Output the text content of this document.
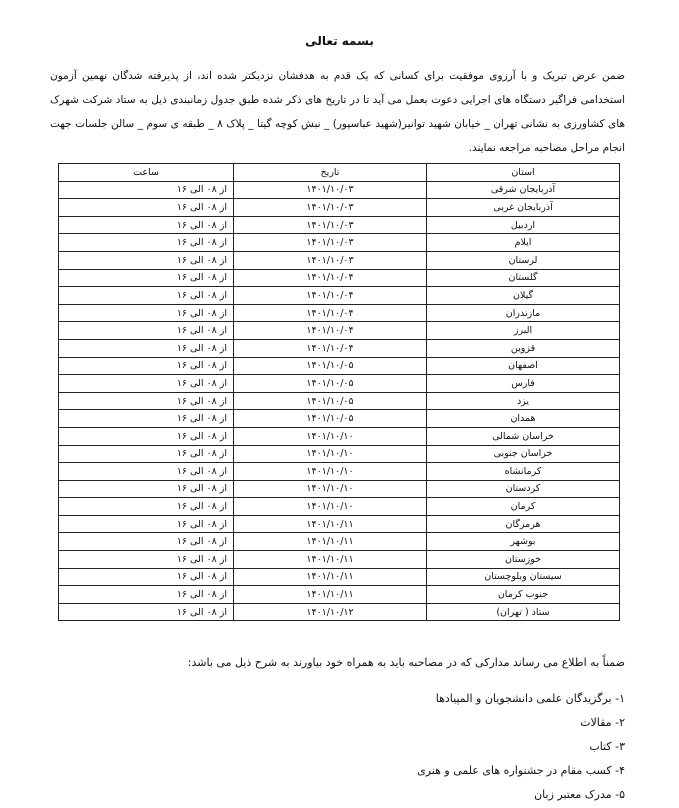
بسمه تعالی
ضمن عرض تبریک و با آرزوی موفقیت برای کسانی که یک قدم به هدفشان نزدیکتر شده اند، از پذیرفته شدگان نهمین آزمون استخدامی فراگیر دستگاه های اجرایی دعوت بعمل می آید تا در تاریخ های ذکر شده طبق جدول زمانبندی ذیل به ستاد شرکت شهرک های کشاورزی به نشانی تهران _ خیابان شهید توانیر(شهید عباسپور) _ نبش کوچه گیتا _ پلاک ۸ _ طبقه ی سوم _ سالن جلسات جهت انجام مراحل مصاحبه مراجعه نمایند.
استان	تاریخ	ساعت
آذربایجان شرقی	۱۴۰۱/۱۰/۰۳	از ۰۸ الی ۱۶
آذربایجان غربی	۱۴۰۱/۱۰/۰۳	از ۰۸ الی ۱۶
اردبیل	۱۴۰۱/۱۰/۰۳	از ۰۸ الی ۱۶
ایلام	۱۴۰۱/۱۰/۰۳	از ۰۸ الی ۱۶
لرستان	۱۴۰۱/۱۰/۰۳	از ۰۸ الی ۱۶
گلستان	۱۴۰۱/۱۰/۰۴	از ۰۸ الی ۱۶
گیلان	۱۴۰۱/۱۰/۰۴	از ۰۸ الی ۱۶
مازندران	۱۴۰۱/۱۰/۰۴	از ۰۸ الی ۱۶
البرز	۱۴۰۱/۱۰/۰۴	از ۰۸ الی ۱۶
قزوین	۱۴۰۱/۱۰/۰۴	از ۰۸ الی ۱۶
اصفهان	۱۴۰۱/۱۰/۰۵	از ۰۸ الی ۱۶
فارس	۱۴۰۱/۱۰/۰۵	از ۰۸ الی ۱۶
یزد	۱۴۰۱/۱۰/۰۵	از ۰۸ الی ۱۶
همدان	۱۴۰۱/۱۰/۰۵	از ۰۸ الی ۱۶
خراسان شمالی	۱۴۰۱/۱۰/۱۰	از ۰۸ الی ۱۶
خراسان جنوبی	۱۴۰۱/۱۰/۱۰	از ۰۸ الی ۱۶
کرمانشاه	۱۴۰۱/۱۰/۱۰	از ۰۸ الی ۱۶
کردستان	۱۴۰۱/۱۰/۱۰	از ۰۸ الی ۱۶
کرمان	۱۴۰۱/۱۰/۱۰	از ۰۸ الی ۱۶
هرمزگان	۱۴۰۱/۱۰/۱۱	از ۰۸ الی ۱۶
بوشهر	۱۴۰۱/۱۰/۱۱	از ۰۸ الی ۱۶
خوزستان	۱۴۰۱/۱۰/۱۱	از ۰۸ الی ۱۶
سیستان وبلوچستان	۱۴۰۱/۱۰/۱۱	از ۰۸ الی ۱۶
جنوب کرمان	۱۴۰۱/۱۰/۱۱	از ۰۸ الی ۱۶
ستاد ( تهران)	۱۴۰۱/۱۰/۱۲	از ۰۸ الی ۱۶
ضمناً به اطلاع می رساند مدارکی که در مصاحبه باید به همراه خود بیاورند به شرح ذیل می باشد:
۱- برگزیدگان علمی دانشجویان و المپیادها
۲- مقالات
۳- کتاب
۴- کسب مقام در جشنواره های علمی و هنری
۵- مدرک معتبر زبان
